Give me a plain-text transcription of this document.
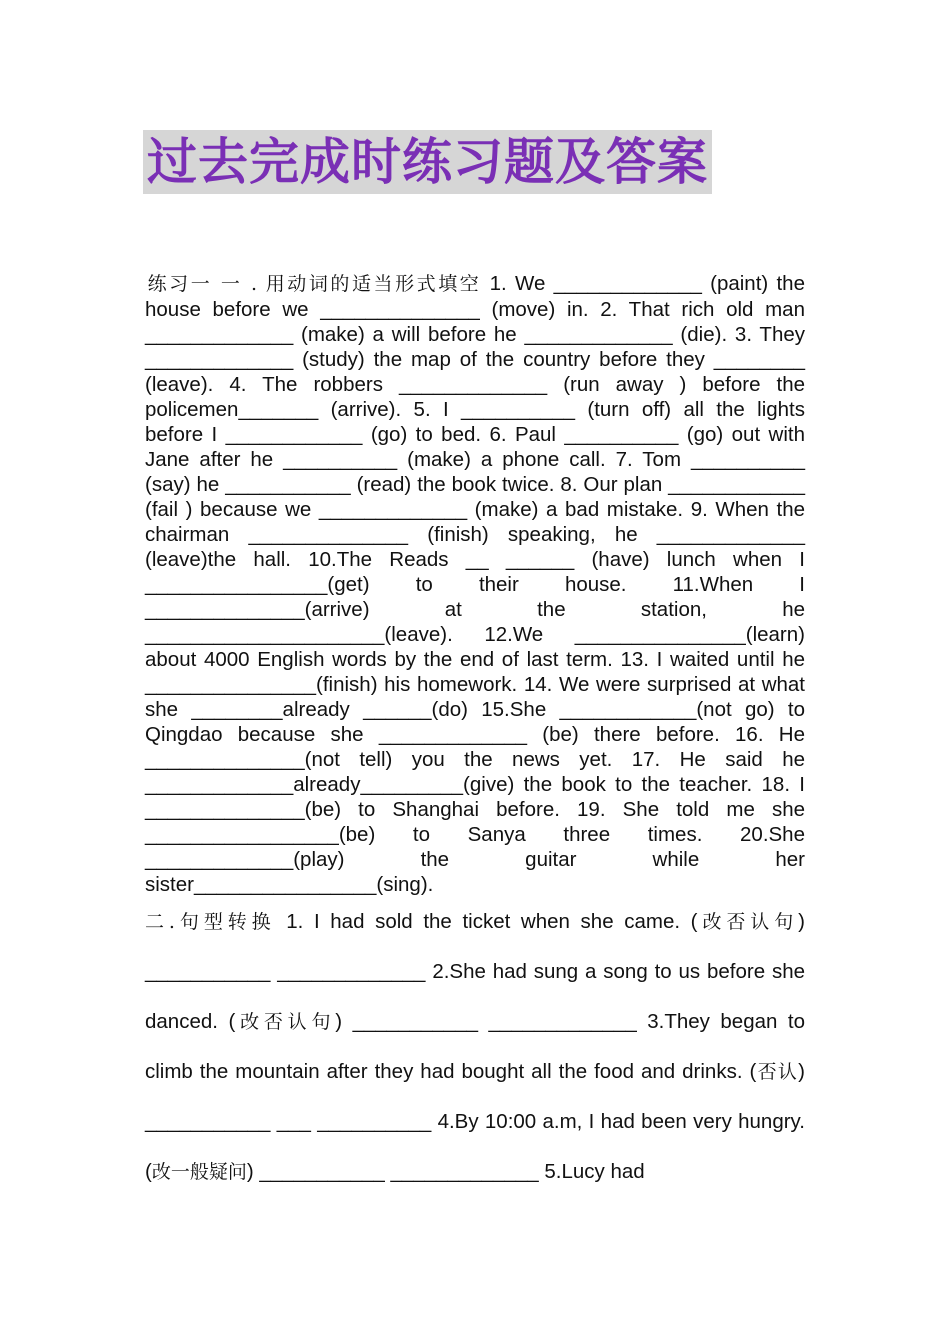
过去完成时练习题及答案

练习一 一 . 用动词的适当形式填空 1. We _____________ (paint) the house before we ______________ (move) in. 2. That rich old man _____________ (make) a will before he _____________ (die). 3. They _____________ (study) the map of the country before they ________ (leave). 4. The robbers _____________ (run away ) before the policemen_______ (arrive). 5. I __________ (turn off) all the lights before I ____________ (go) to bed. 6. Paul __________ (go) out with Jane after he __________ (make) a phone call. 7. Tom __________ (say) he ___________ (read) the book twice. 8. Our plan ____________ (fail ) because we _____________ (make) a bad mistake. 9. When the chairman ______________ (finish) speaking, he _____________ (leave)the hall. 10.The Reads __ ______ (have) lunch when I ________________(get) to their house. 11.When I ______________(arrive) at the station, he _____________________(leave). 12.We _______________(learn) about 4000 English words by the end of last term. 13. I waited until he _______________(finish) his homework. 14. We were surprised at what she ________already ______(do) 15.She ____________(not go) to Qingdao because she _____________ (be) there before. 16. He ______________(not tell) you the news yet. 17. He said he _____________already_________(give) the book to the teacher. 18. I ______________(be) to Shanghai before. 19. She told me she _________________(be) to Sanya three times. 20.She _____________(play) the guitar while her sister________________(sing).

二.句型转换 1. I had sold the ticket when she came. (改否认句) ___________ _____________ 2.She had sung a song to us before she danced. (改否认句) ___________ _____________ 3.They began to climb the mountain after they had bought all the food and drinks. (否认) ___________ ___ __________ 4.By 10:00 a.m, I had been very hungry. (改一般疑问) ___________ _____________ 5.Lucy had
